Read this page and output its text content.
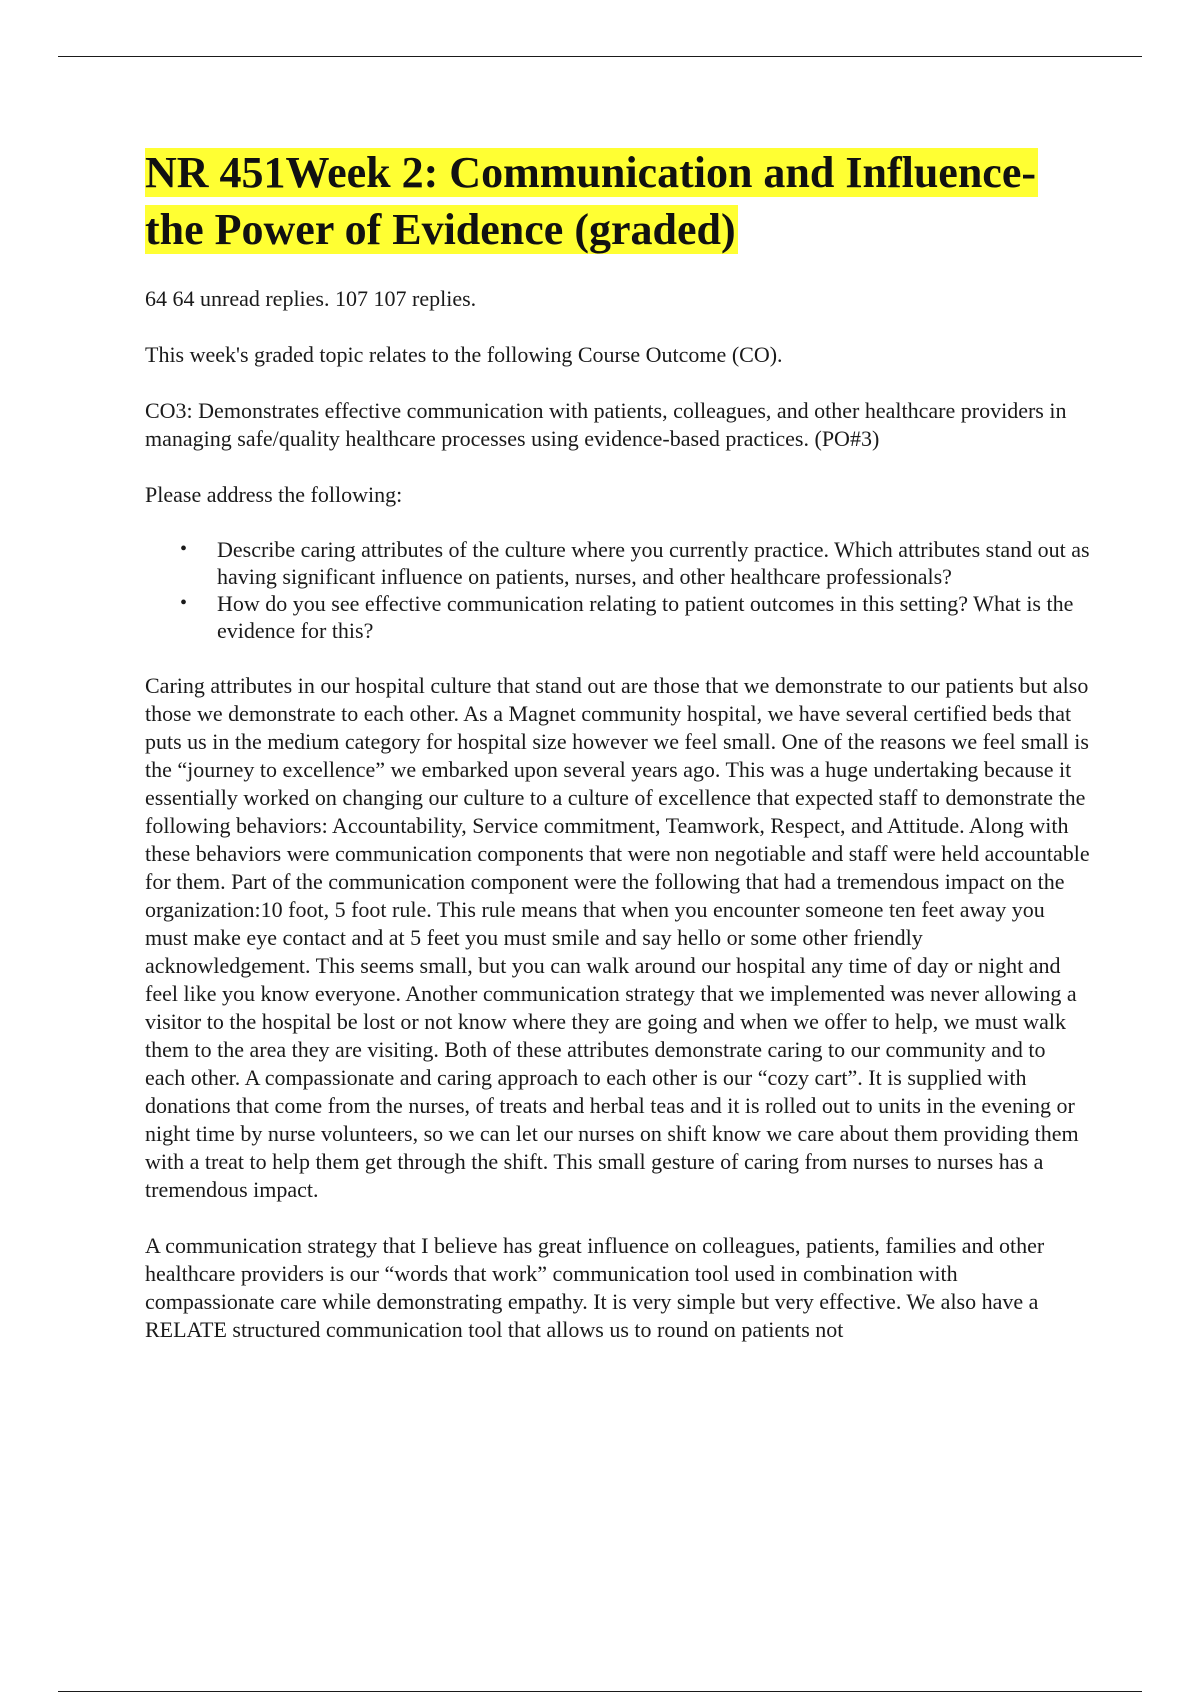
NR 451Week 2: Communication and Influence-the Power of Evidence (graded)

64 64 unread replies. 107 107 replies.

This week's graded topic relates to the following Course Outcome (CO).

CO3: Demonstrates effective communication with patients, colleagues, and other healthcare providers in managing safe/quality healthcare processes using evidence-based practices. (PO#3)

Please address the following:

• Describe caring attributes of the culture where you currently practice. Which attributes stand out as having significant influence on patients, nurses, and other healthcare professionals?
• How do you see effective communication relating to patient outcomes in this setting? What is the evidence for this?

Caring attributes in our hospital culture that stand out are those that we demonstrate to our patients but also those we demonstrate to each other. As a Magnet community hospital, we have several certified beds that puts us in the medium category for hospital size however we feel small. One of the reasons we feel small is the “journey to excellence” we embarked upon several years ago. This was a huge undertaking because it essentially worked on changing our culture to a culture of excellence that expected staff to demonstrate the following behaviors: Accountability, Service commitment, Teamwork, Respect, and Attitude. Along with these behaviors were communication components that were non negotiable and staff were held accountable for them. Part of the communication component were the following that had a tremendous impact on the organization:10 foot, 5 foot rule. This rule means that when you encounter someone ten feet away you must make eye contact and at 5 feet you must smile and say hello or some other friendly acknowledgement. This seems small, but you can walk around our hospital any time of day or night and feel like you know everyone. Another communication strategy that we implemented was never allowing a visitor to the hospital be lost or not know where they are going and when we offer to help, we must walk them to the area they are visiting. Both of these attributes demonstrate caring to our community and to each other. A compassionate and caring approach to each other is our “cozy cart”. It is supplied with donations that come from the nurses, of treats and herbal teas and it is rolled out to units in the evening or night time by nurse volunteers, so we can let our nurses on shift know we care about them providing them with a treat to help them get through the shift. This small gesture of caring from nurses to nurses has a tremendous impact.

A communication strategy that I believe has great influence on colleagues, patients, families and other healthcare providers is our “words that work” communication tool used in combination with compassionate care while demonstrating empathy. It is very simple but very effective. We also have a RELATE structured communication tool that allows us to round on patients not
